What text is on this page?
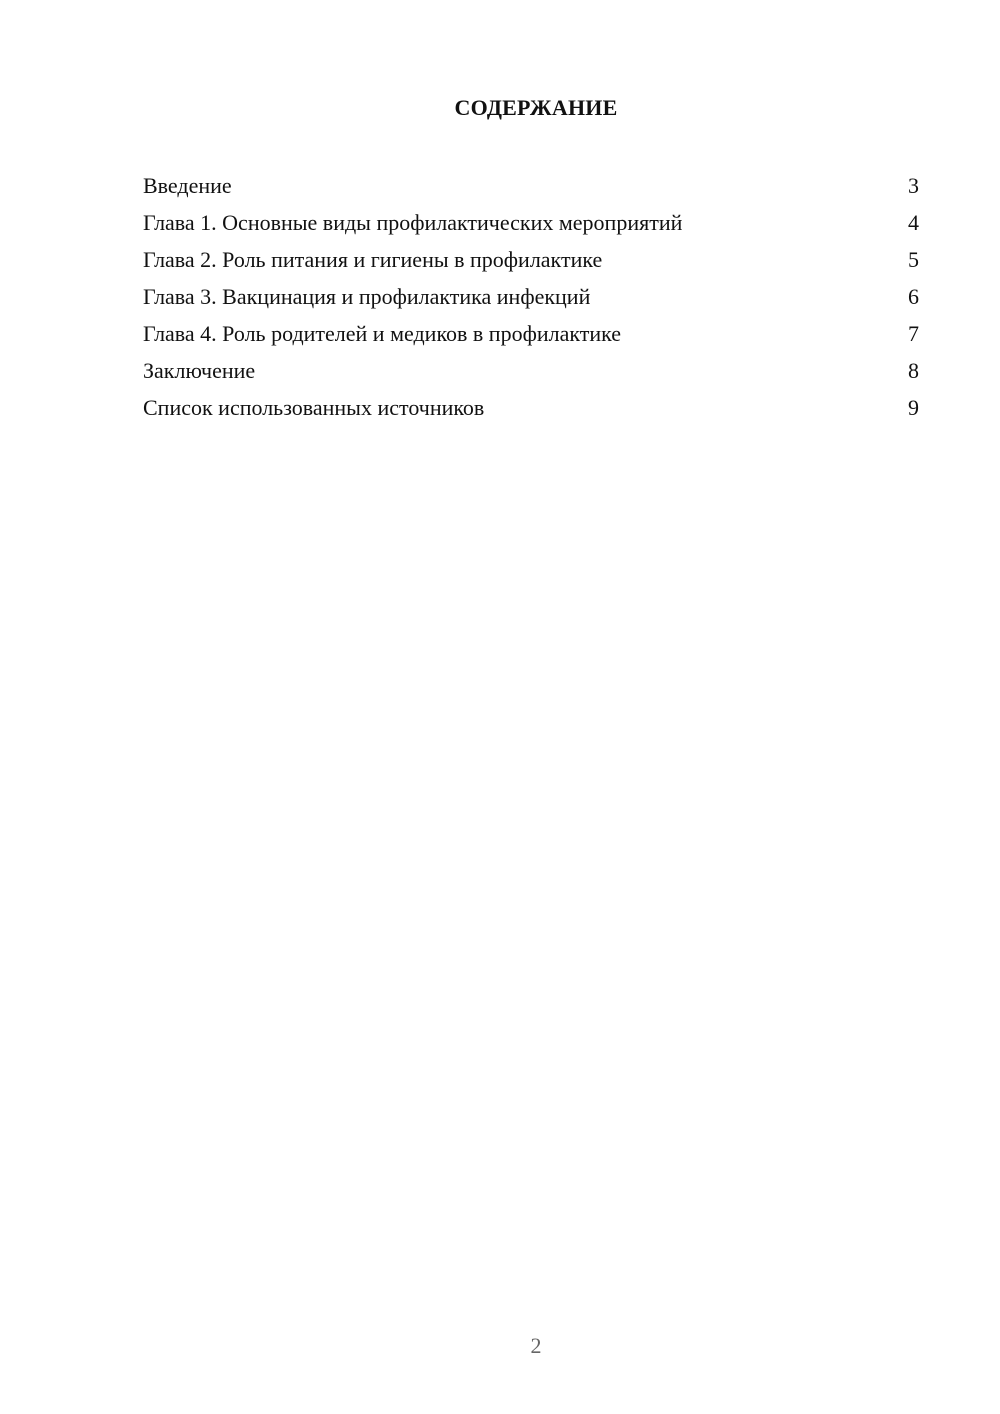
СОДЕРЖАНИЕ
Введение	3
Глава 1. Основные виды профилактических мероприятий	4
Глава 2. Роль питания и гигиены в профилактике	5
Глава 3. Вакцинация и профилактика инфекций	6
Глава 4. Роль родителей и медиков в профилактике	7
Заключение	8
Список использованных источников	9
2
